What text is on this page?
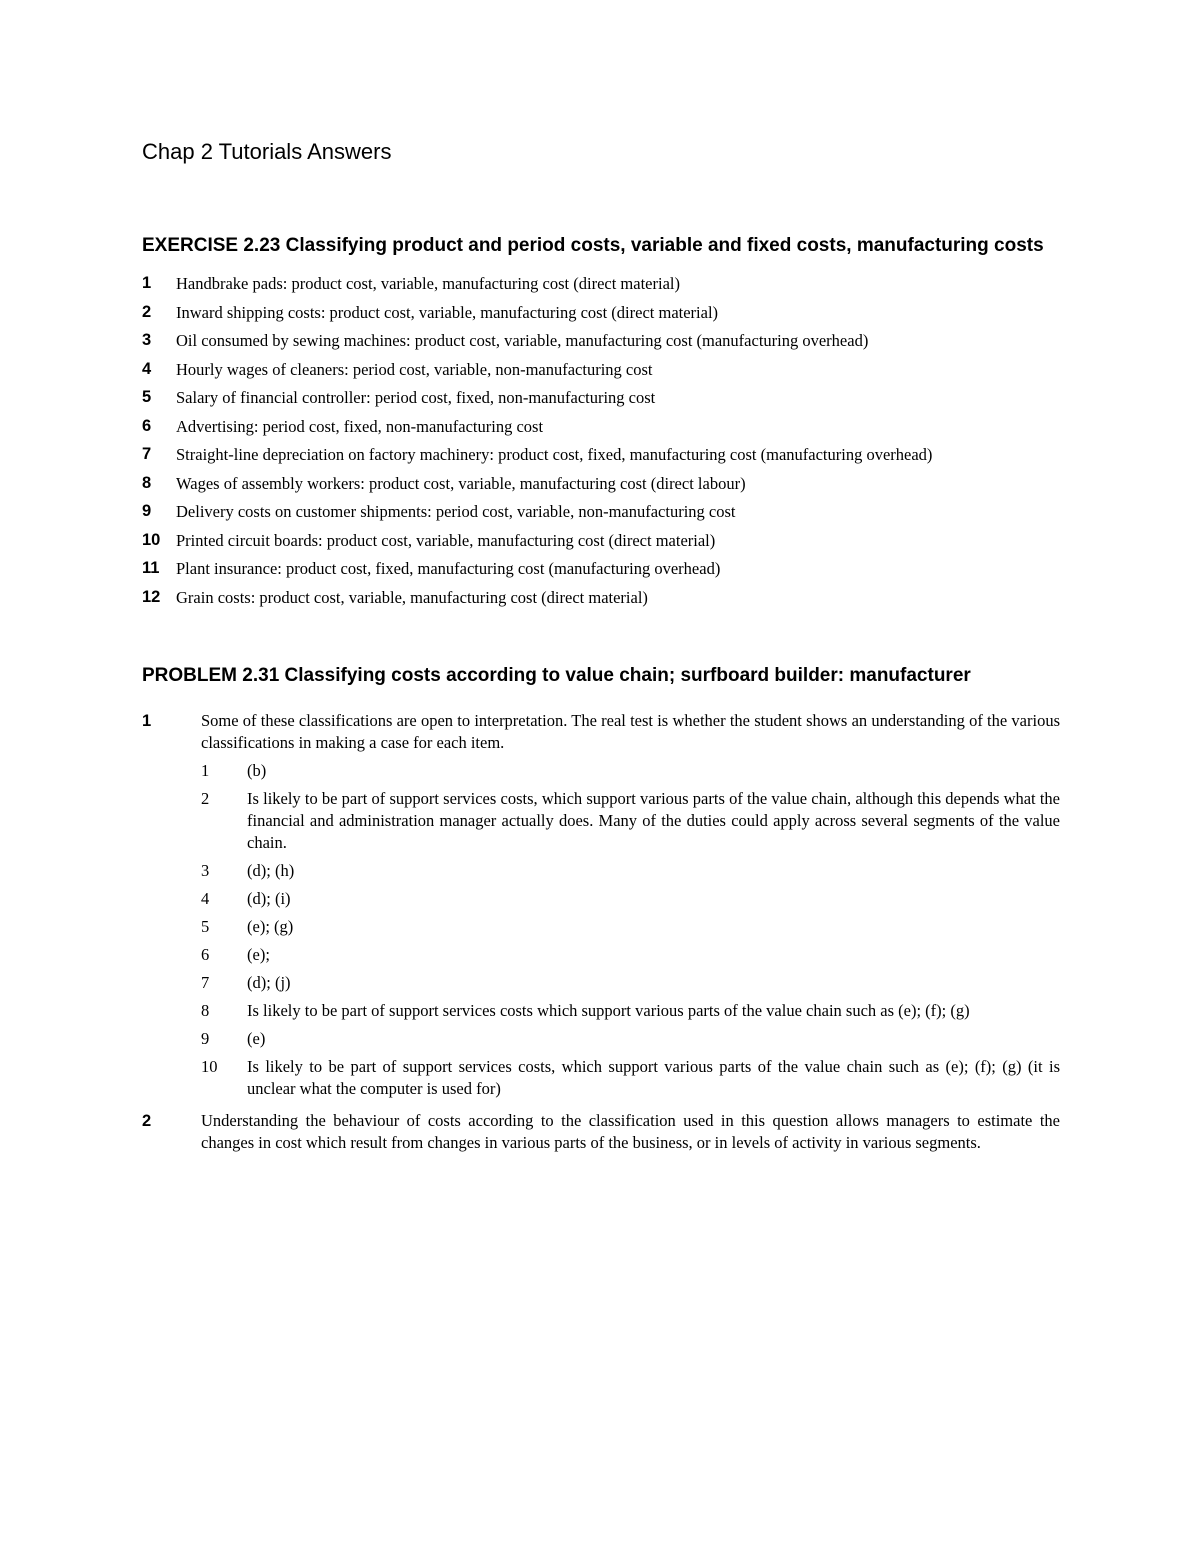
Chap 2 Tutorials Answers
EXERCISE 2.23 Classifying product and period costs, variable and fixed costs, manufacturing costs
1	Handbrake pads: product cost, variable, manufacturing cost (direct material)
2	Inward shipping costs: product cost, variable, manufacturing cost (direct material)
3	Oil consumed by sewing machines: product cost, variable, manufacturing cost (manufacturing overhead)
4	Hourly wages of cleaners: period cost, variable, non-manufacturing cost
5	Salary of financial controller: period cost, fixed, non-manufacturing cost
6	Advertising: period cost, fixed, non-manufacturing cost
7	Straight-line depreciation on factory machinery: product cost, fixed, manufacturing cost (manufacturing overhead)
8	Wages of assembly workers: product cost, variable, manufacturing cost (direct labour)
9	Delivery costs on customer shipments: period cost, variable, non-manufacturing cost
10 Printed circuit boards: product cost, variable, manufacturing cost (direct material)
11	Plant insurance: product cost, fixed, manufacturing cost (manufacturing overhead)
12 Grain costs: product cost, variable, manufacturing cost (direct material)
PROBLEM 2.31 Classifying costs according to value chain; surfboard builder: manufacturer
1	Some of these classifications are open to interpretation. The real test is whether the student shows an understanding of the various classifications in making a case for each item.
1	(b)
2	Is likely to be part of support services costs, which support various parts of the value chain, although this depends what the financial and administration manager actually does. Many of the duties could apply across several segments of the value chain.
3	(d); (h)
4	(d); (i)
5	(e); (g)
6	(e);
7	(d); (j)
8	Is likely to be part of support services costs which support various parts of the value chain such as (e); (f); (g)
9	(e)
10	Is likely to be part of support services costs, which support various parts of the value chain such as (e); (f); (g) (it is unclear what the computer is used for)
2	Understanding the behaviour of costs according to the classification used in this question allows managers to estimate the changes in cost which result from changes in various parts of the business, or in levels of activity in various segments.
